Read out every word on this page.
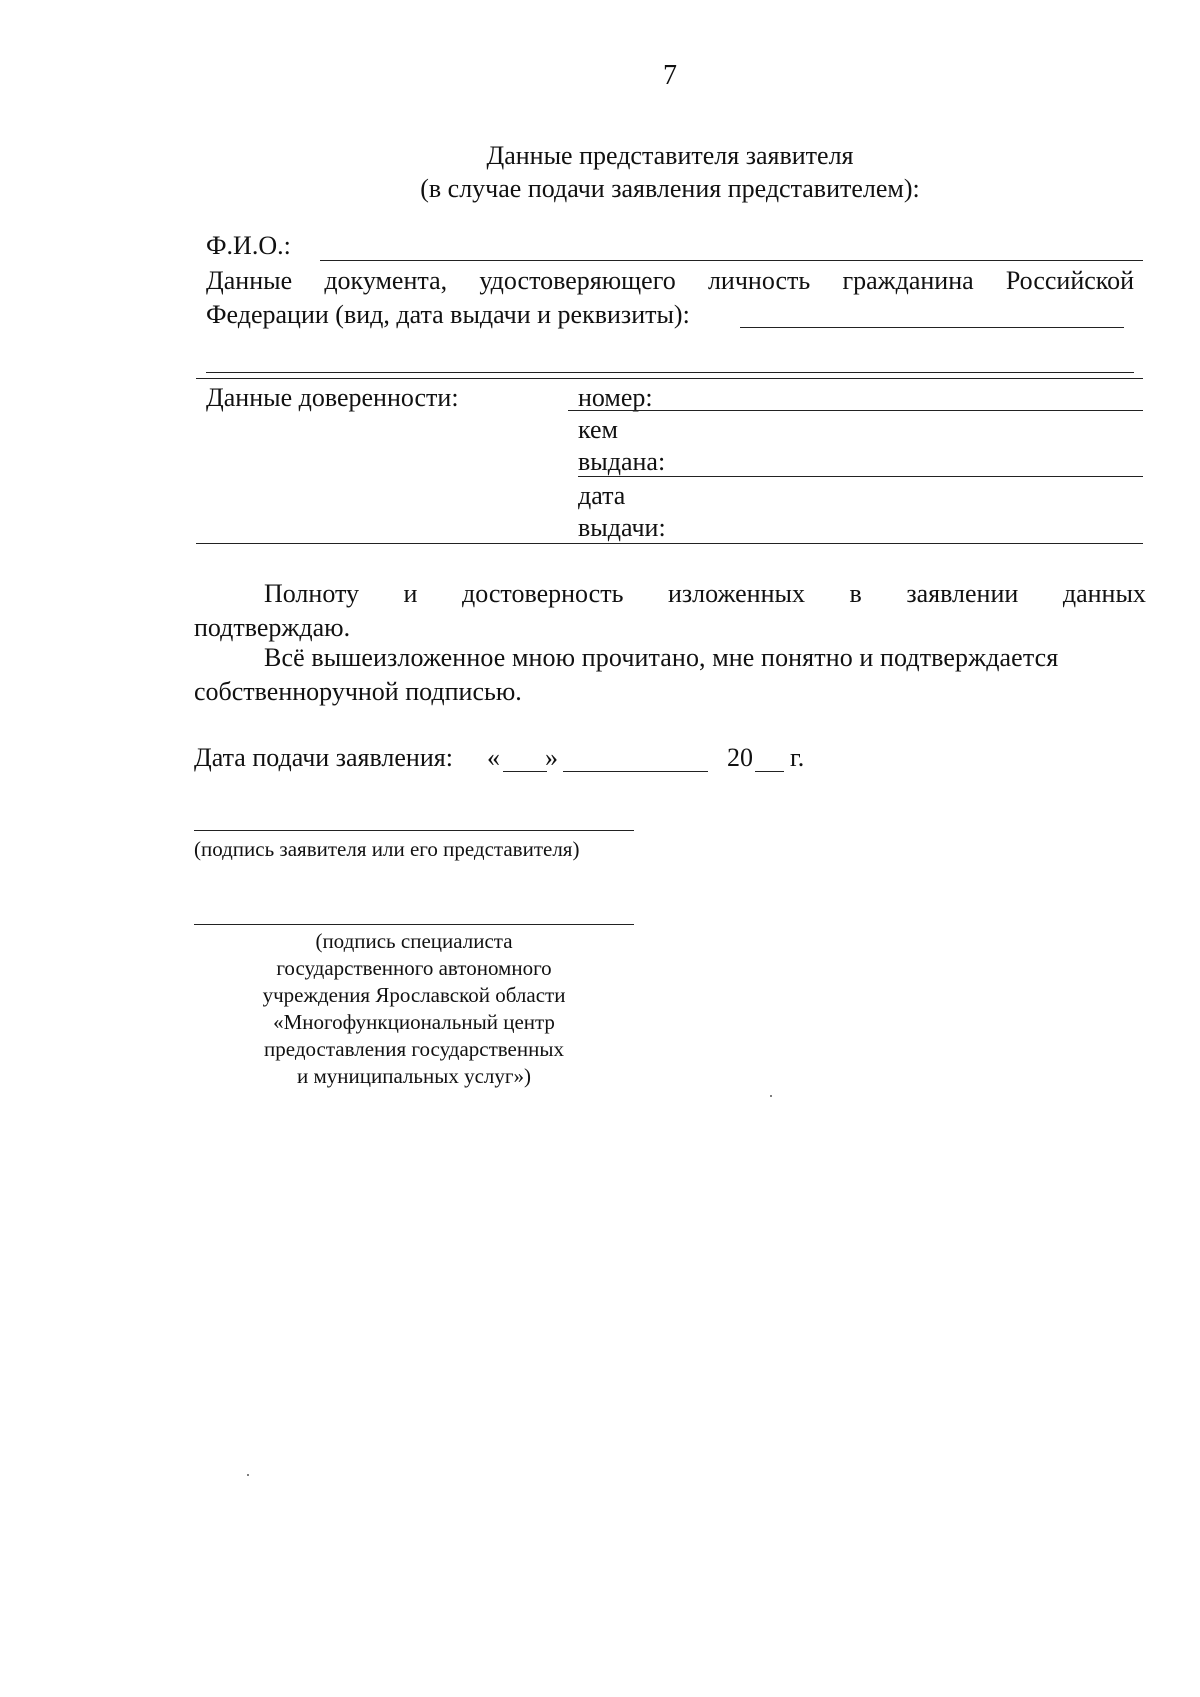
7
Данные представителя заявителя
(в случае подачи заявления представителем):
Ф.И.О.:
Данные документа, удостоверяющего личность гражданина Российской
Федерации (вид, дата выдачи и реквизиты):
Данные доверенности:	номер:
кем
выдана:
дата
выдачи:
Полноту и достоверность изложенных в заявлении данных
подтверждаю.
Всё вышеизложенное мною прочитано, мне понятно и подтверждается
собственноручной подписью.
Дата подачи заявления: « »	20 г.
(подпись заявителя или его представителя)
(подпись специалиста
государственного автономного
учреждения Ярославской области
«Многофункциональный центр
предоставления государственных
и муниципальных услуг»)
